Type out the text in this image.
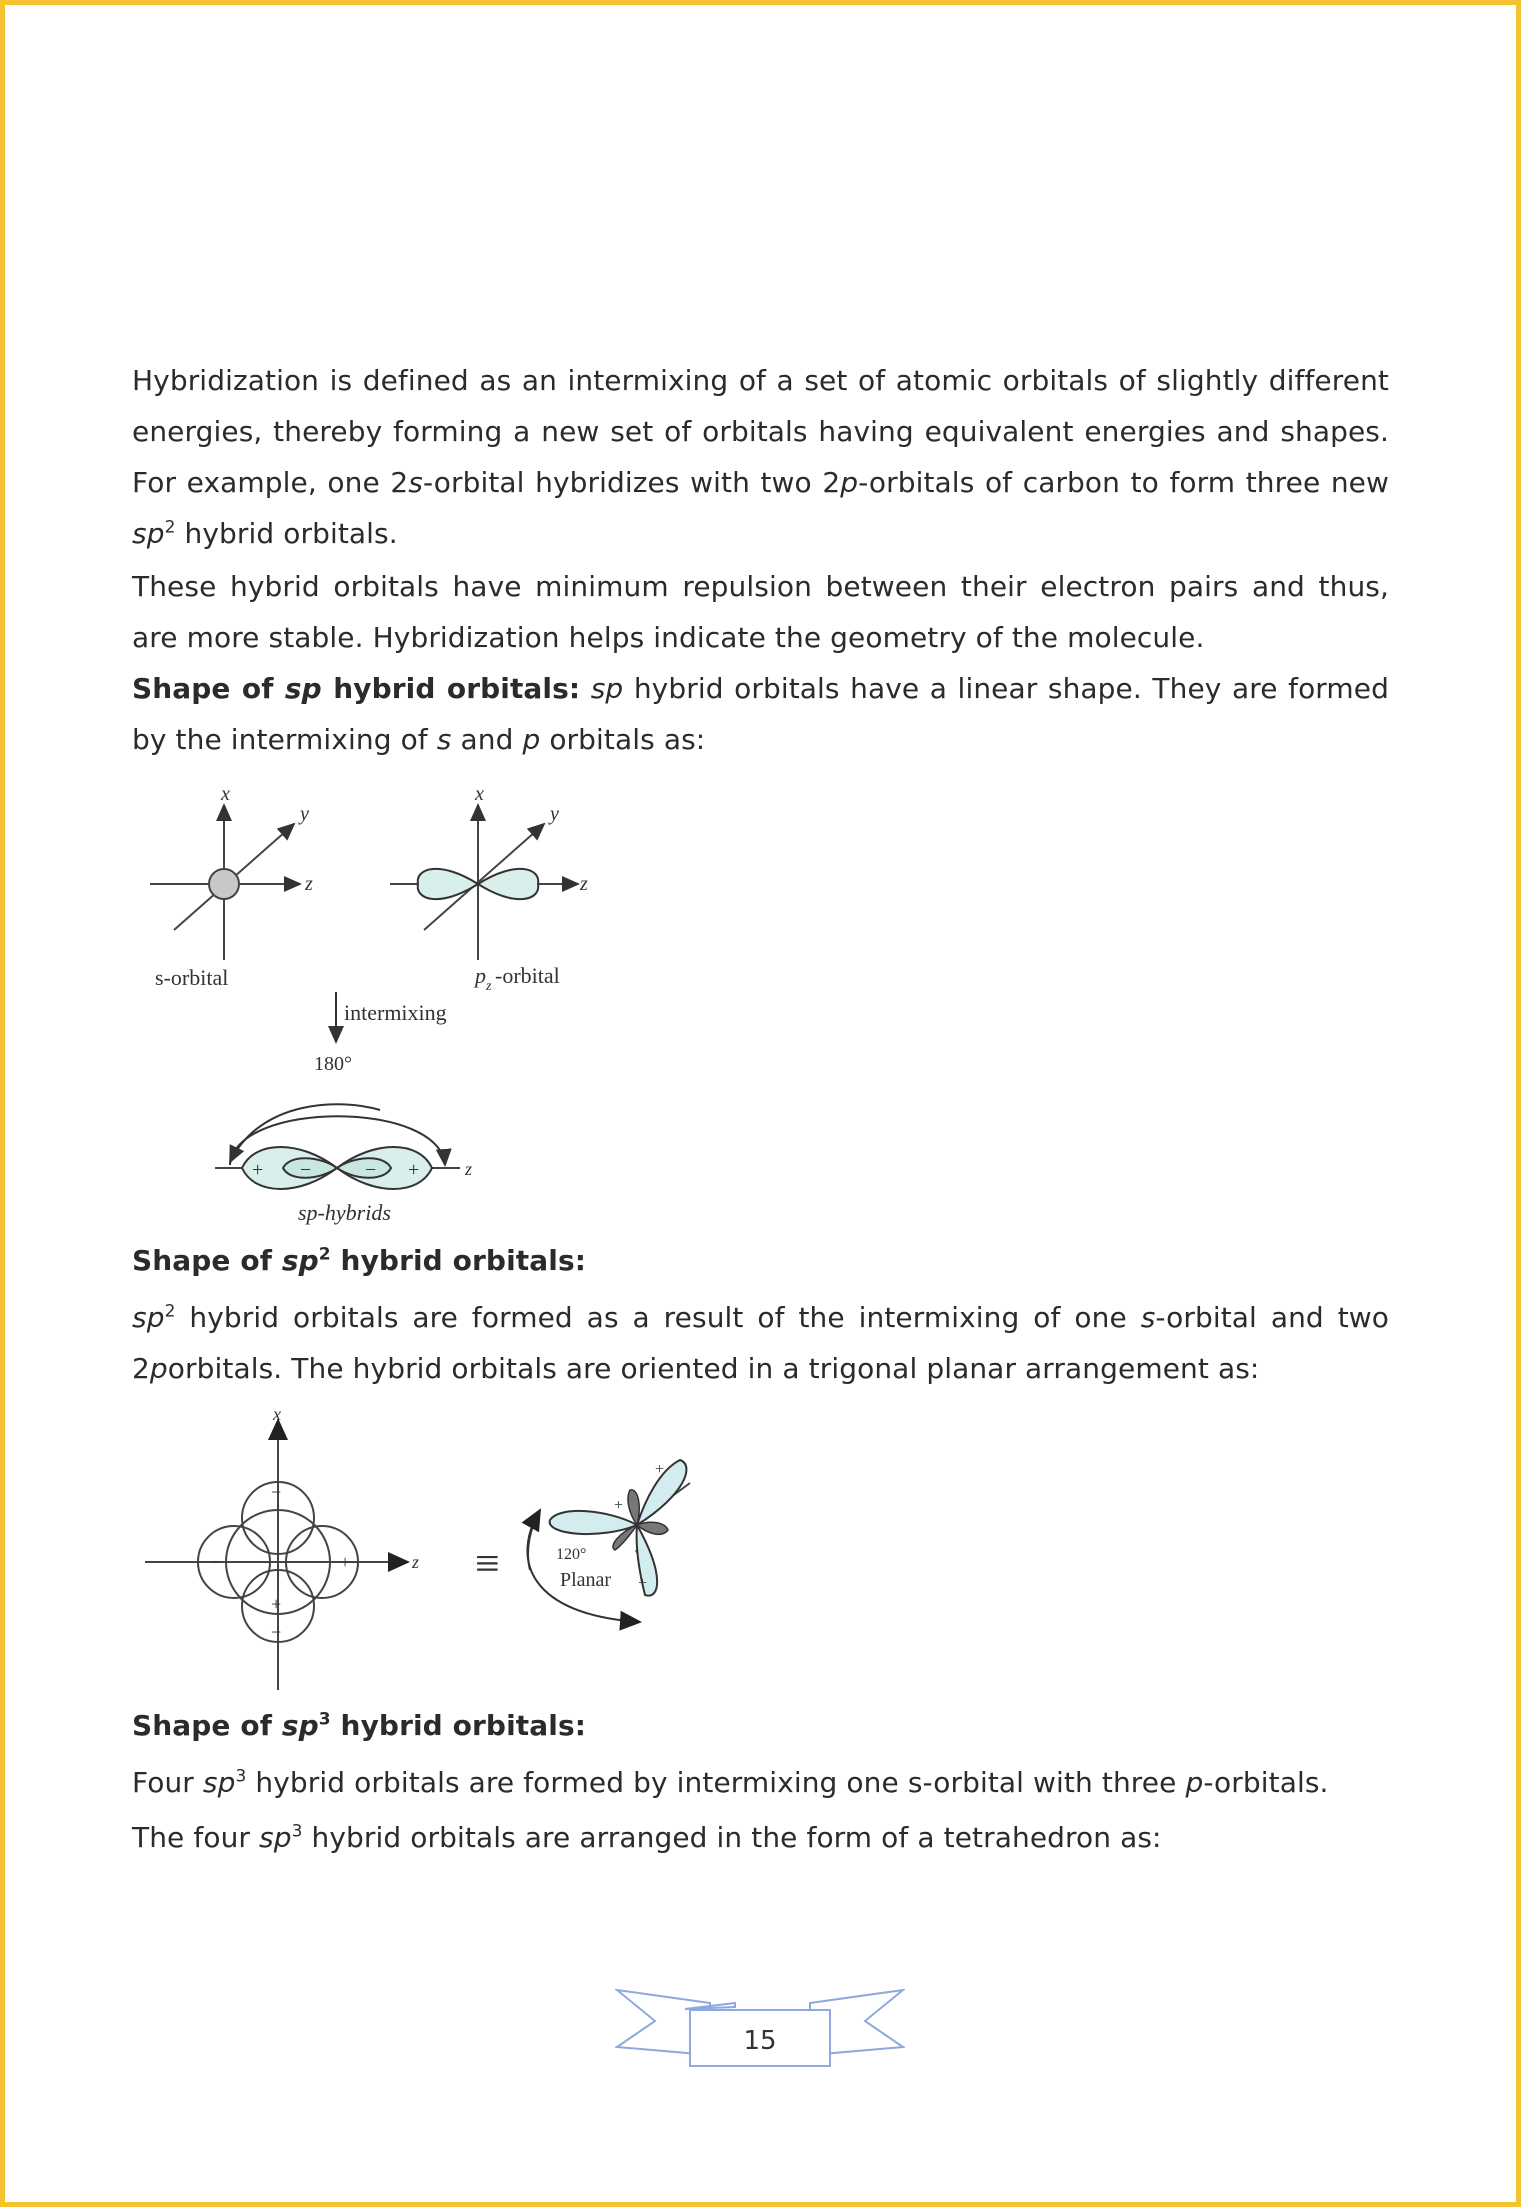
Hybridization is defined as an intermixing of a set of atomic orbitals of slightly different energies, thereby forming a new set of orbitals having equivalent energies and shapes. For example, one 2s-orbital hybridizes with two 2p-orbitals of carbon to form three new $sp^2$ hybrid orbitals.

These hybrid orbitals have minimum repulsion between their electron pairs and thus, are more stable. Hybridization helps indicate the geometry of the molecule.

Shape of sp hybrid orbitals: sp hybrid orbitals have a linear shape. They are formed by the intermixing of s and p orbitals as:

x
y
z
s-orbital
x
y
z
p z -orbital
intermixing
180°
+ −	− +	z
sp-hybrids

Shape of $sp^2$ hybrid orbitals:

$sp^2$ hybrid orbitals are formed as a result of the intermixing of one s-orbital and two 2porbitals. The hybrid orbitals are oriented in a trigonal planar arrangement as:

x
z
−
−
−	+
+
≡
+
+
+
120°
Planar

Shape of $sp^3$ hybrid orbitals:

Four $sp^3$ hybrid orbitals are formed by intermixing one s-orbital with three p-orbitals.

The four $sp^3$ hybrid orbitals are arranged in the form of a tetrahedron as:

15
